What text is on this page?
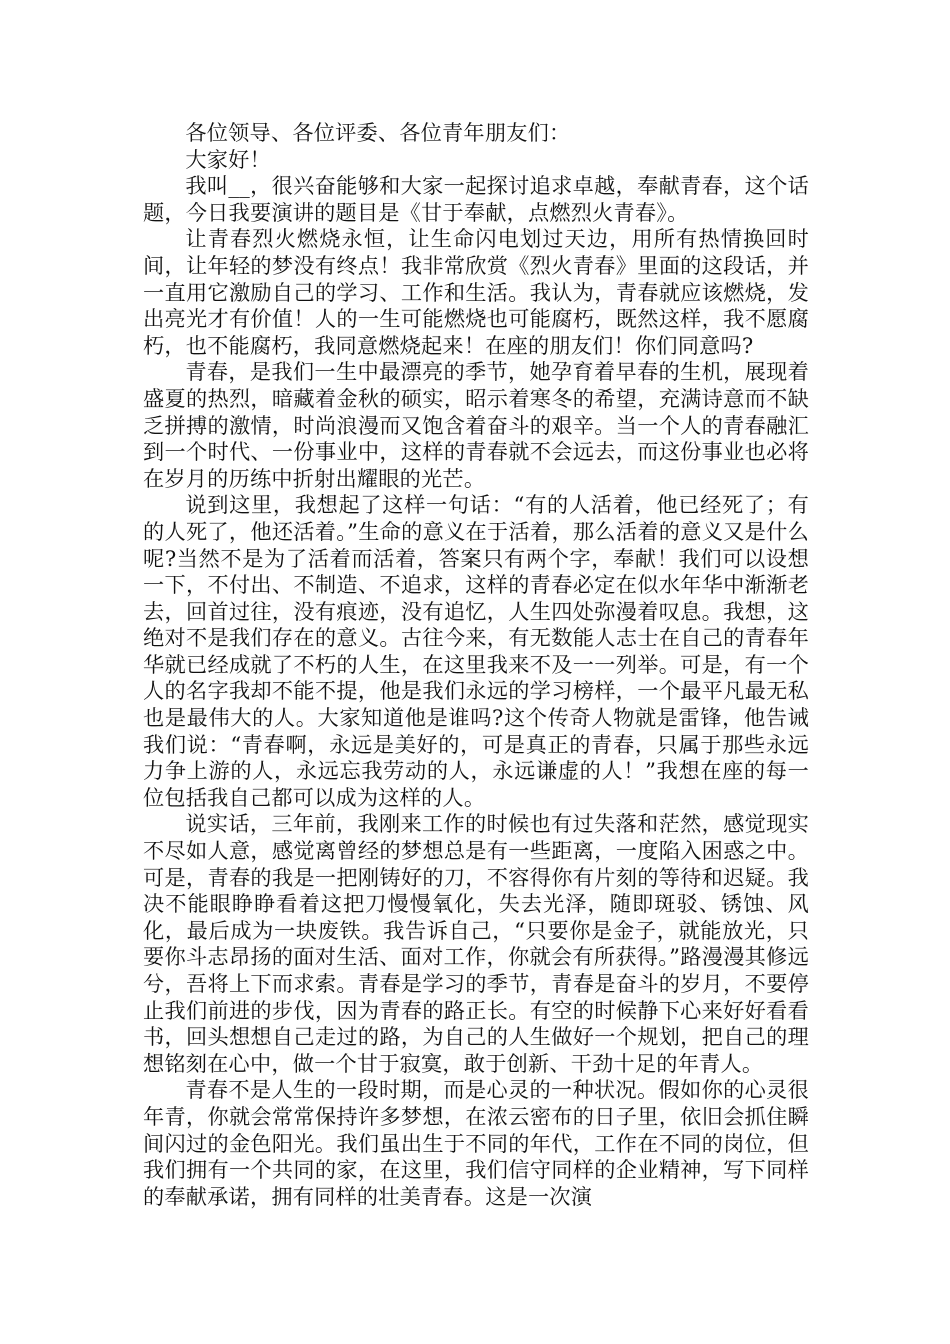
各位领导、各位评委、各位青年朋友们：

大家好！

我叫__，很兴奋能够和大家一起探讨追求卓越，奉献青春，这个话题，今日我要演讲的题目是《甘于奉献，点燃烈火青春》。

让青春烈火燃烧永恒，让生命闪电划过天边，用所有热情换回时间，让年轻的梦没有终点！我非常欣赏《烈火青春》里面的这段话，并一直用它激励自己的学习、工作和生活。我认为，青春就应该燃烧，发出亮光才有价值！人的一生可能燃烧也可能腐朽，既然这样，我不愿腐朽，也不能腐朽，我同意燃烧起来！在座的朋友们！你们同意吗?

青春，是我们一生中最漂亮的季节，她孕育着早春的生机，展现着盛夏的热烈，暗藏着金秋的硕实，昭示着寒冬的希望，充满诗意而不缺乏拼搏的激情，时尚浪漫而又饱含着奋斗的艰辛。当一个人的青春融汇到一个时代、一份事业中，这样的青春就不会远去，而这份事业也必将在岁月的历练中折射出耀眼的光芒。

说到这里，我想起了这样一句话：“有的人活着，他已经死了；有的人死了，他还活着。”生命的意义在于活着，那么活着的意义又是什么呢?当然不是为了活着而活着，答案只有两个字，奉献！我们可以设想一下，不付出、不制造、不追求，这样的青春必定在似水年华中渐渐老去，回首过往，没有痕迹，没有追忆，人生四处弥漫着叹息。我想，这绝对不是我们存在的意义。古往今来，有无数能人志士在自己的青春年华就已经成就了不朽的人生，在这里我来不及一一列举。可是，有一个人的名字我却不能不提，他是我们永远的学习榜样，一个最平凡最无私也是最伟大的人。大家知道他是谁吗?这个传奇人物就是雷锋，他告诫我们说：“青春啊，永远是美好的，可是真正的青春，只属于那些永远力争上游的人，永远忘我劳动的人，永远谦虚的人！”我想在座的每一位包括我自己都可以成为这样的人。

说实话，三年前，我刚来工作的时候也有过失落和茫然，感觉现实不尽如人意，感觉离曾经的梦想总是有一些距离，一度陷入困惑之中。可是，青春的我是一把刚铸好的刀，不容得你有片刻的等待和迟疑。我决不能眼睁睁看着这把刀慢慢氧化，失去光泽，随即斑驳、锈蚀、风化，最后成为一块废铁。我告诉自己，“只要你是金子，就能放光，只要你斗志昂扬的面对生活、面对工作，你就会有所获得。”路漫漫其修远兮，吾将上下而求索。青春是学习的季节，青春是奋斗的岁月，不要停止我们前进的步伐，因为青春的路正长。有空的时候静下心来好好看看书，回头想想自己走过的路，为自己的人生做好一个规划，把自己的理想铭刻在心中，做一个甘于寂寞，敢于创新、干劲十足的年青人。

青春不是人生的一段时期，而是心灵的一种状况。假如你的心灵很年青，你就会常常保持许多梦想，在浓云密布的日子里，依旧会抓住瞬间闪过的金色阳光。我们虽出生于不同的年代，工作在不同的岗位，但我们拥有一个共同的家，在这里，我们信守同样的企业精神，写下同样的奉献承诺，拥有同样的壮美青春。这是一次演
